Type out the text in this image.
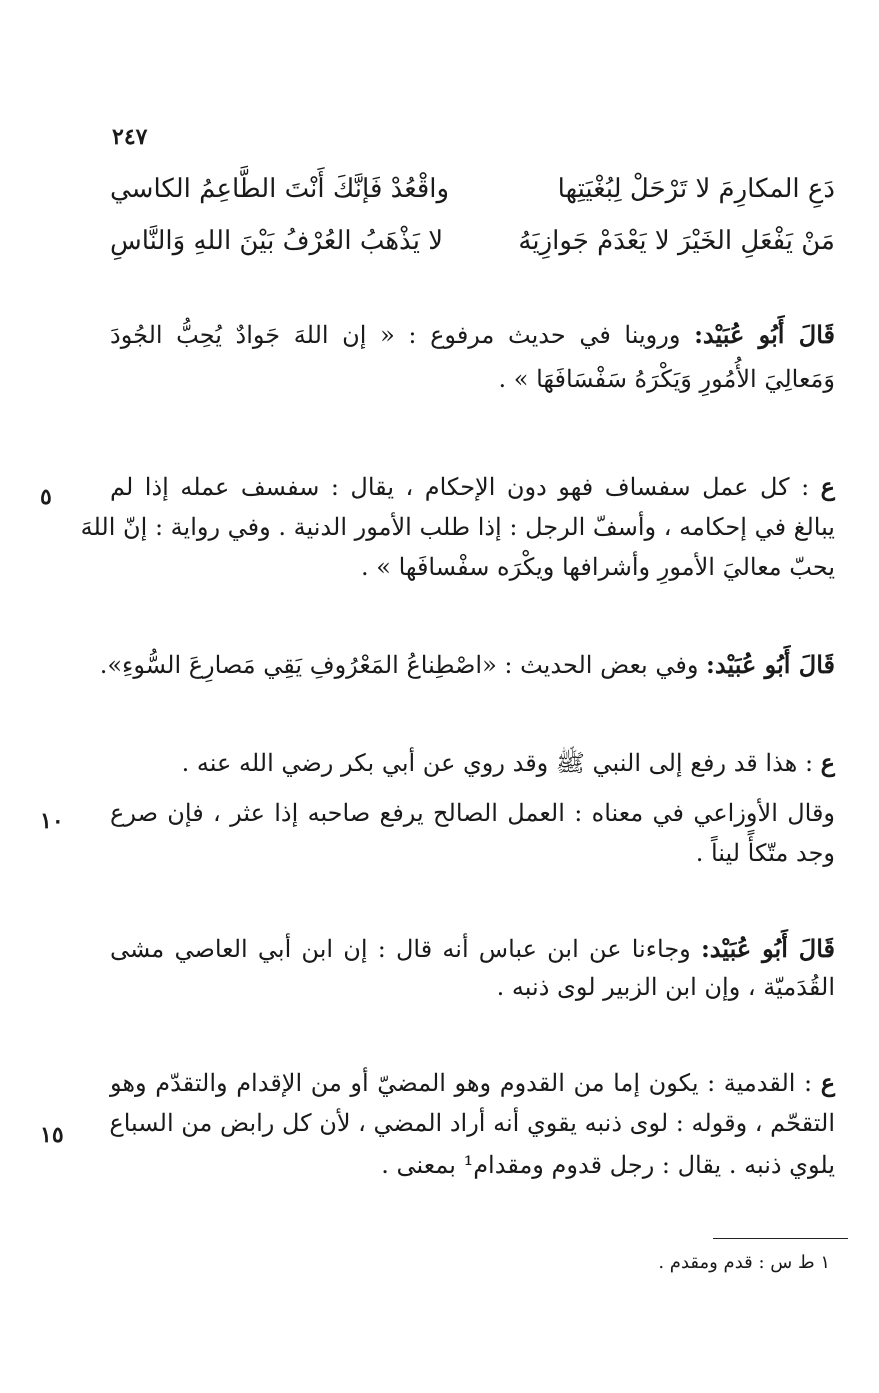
٢٤٧
دَعِ المكارِمَ لا تَرْحَلْ لِبُغْيَتِها
واقْعُدْ فَإنَّكَ أَنْتَ الطَّاعِمُ الكاسي
مَنْ يَفْعَلِ الخَيْرَ لا يَعْدَمْ جَوازِيَهُ
لا يَذْهَبُ العُرْفُ بَيْنَ اللهِ وَالنَّاسِ
قَالَ أَبُو عُبَيْد: وروينا في حديث مرفوع : « إن اللهَ جَوادٌ يُحِبُّ الجُودَ
وَمَعالِيَ الأُمُورِ وَيَكْرَهُ سَفْسَافَهَا » .
ع : كل عمل سفساف فهو دون الإحكام ، يقال : سفسف عمله إذا لم
٥
يبالغ في إحكامه ، وأسفّ الرجل : إذا طلب الأمور الدنية . وفي رواية : إنّ اللهَ
يحبّ معاليَ الأمورِ وأشرافها ويكْرَه سفْسافَها » .
قَالَ أَبُو عُبَيْد: وفي بعض الحديث : «اصْطِناعُ المَعْرُوفِ يَقِي مَصارِعَ السُّوءِ».
ع : هذا قد رفع إلى النبي ﷺ وقد روي عن أبي بكر رضي الله عنه .
وقال الأوزاعي في معناه : العمل الصالح يرفع صاحبه إذا عثر ، فإن صرع
١٠
وجد متّكأً ليناً .
قَالَ أَبُو عُبَيْد: وجاءنا عن ابن عباس أنه قال : إن ابن أبي العاصي مشى
القُدَميّة ، وإن ابن الزبير لوى ذنبه .
ع : القدمية : يكون إما من القدوم وهو المضيّ أو من الإقدام والتقدّم وهو
التقحّم ، وقوله : لوى ذنبه يقوي أنه أراد المضي ، لأن كل رابض من السباع
١٥
يلوي ذنبه . يقال : رجل قدوم ومقدام¹ بمعنى .
١ ط س : قدم ومقدم .
